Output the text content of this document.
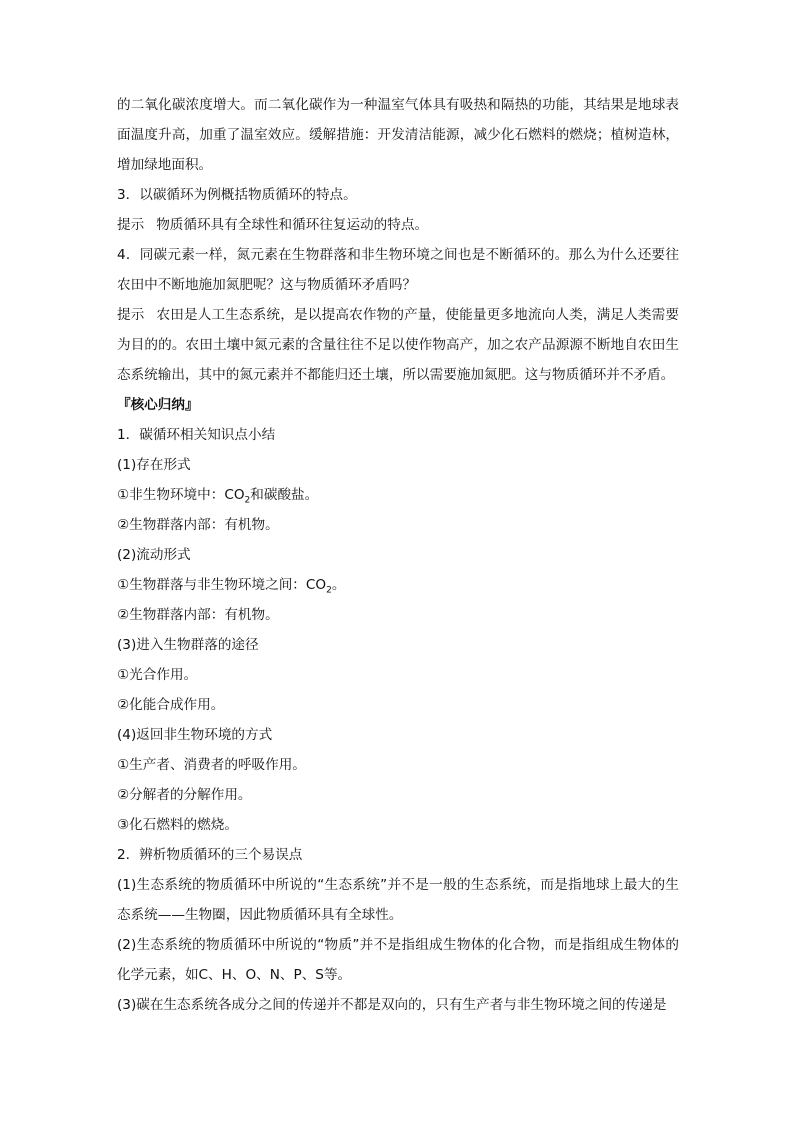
的二氧化碳浓度增大。而二氧化碳作为一种温室气体具有吸热和隔热的功能，其结果是地球表面温度升高，加重了温室效应。缓解措施：开发清洁能源，减少化石燃料的燃烧；植树造林，增加绿地面积。

3．以碳循环为例概括物质循环的特点。

提示 物质循环具有全球性和循环往复运动的特点。

4．同碳元素一样，氮元素在生物群落和非生物环境之间也是不断循环的。那么为什么还要往农田中不断地施加氮肥呢？这与物质循环矛盾吗？

提示 农田是人工生态系统，是以提高农作物的产量，使能量更多地流向人类，满足人类需要为目的的。农田土壤中氮元素的含量往往不足以使作物高产，加之农产品源源不断地自农田生态系统输出，其中的氮元素并不都能归还土壤，所以需要施加氮肥。这与物质循环并不矛盾。

『核心归纳』

1．碳循环相关知识点小结

(1)存在形式

①非生物环境中：$CO_2$和碳酸盐。

②生物群落内部：有机物。

(2)流动形式

①生物群落与非生物环境之间：$CO_2$。

②生物群落内部：有机物。

(3)进入生物群落的途径

①光合作用。

②化能合成作用。

(4)返回非生物环境的方式

①生产者、消费者的呼吸作用。

②分解者的分解作用。

③化石燃料的燃烧。

2．辨析物质循环的三个易误点

(1)生态系统的物质循环中所说的“生态系统”并不是一般的生态系统，而是指地球上最大的生态系统——生物圈，因此物质循环具有全球性。

(2)生态系统的物质循环中所说的“物质”并不是指组成生物体的化合物，而是指组成生物体的化学元素，如C、H、O、N、P、S等。

(3)碳在生态系统各成分之间的传递并不都是双向的，只有生产者与非生物环境之间的传递是
